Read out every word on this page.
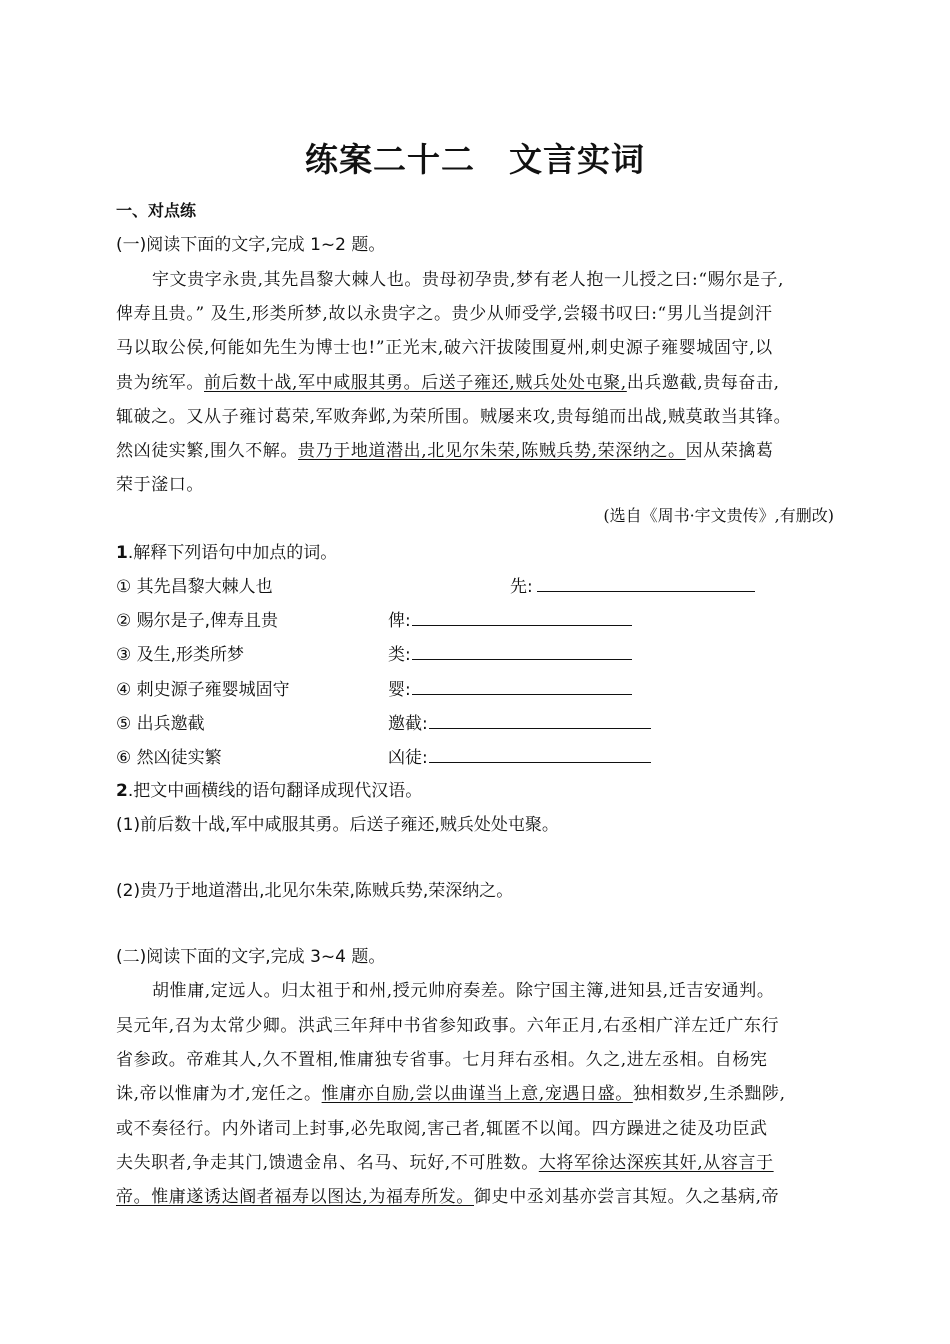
练案二十二　文言实词
一、对点练
(一)阅读下面的文字,完成 1~2 题。
宇文贵字永贵,其先昌黎大棘人也。贵母初孕贵,梦有老人抱一儿授之曰:“赐尔是子,
俾寿且贵。” 及生,形类所梦,故以永贵字之。贵少从师受学,尝辍书叹曰:“男儿当提剑汗
马以取公侯,何能如先生为博士也!”正光末,破六汗拔陵围夏州,刺史源子雍婴城固守,以
贵为统军。前后数十战,军中咸服其勇。后送子雍还,贼兵处处屯聚,出兵邀截,贵每奋击,
辄破之。又从子雍讨葛荣,军败奔邺,为荣所围。贼屡来攻,贵每缒而出战,贼莫敢当其锋。
然凶徒实繁,围久不解。贵乃于地道潜出,北见尔朱荣,陈贼兵势,荣深纳之。因从荣擒葛
荣于滏口。
(选自《周书·宇文贵传》,有删改)
1.解释下列语句中加点的词。
① 其先昌黎大棘人也	先:
② 赐尔是子,俾寿且贵	俾:
③ 及生,形类所梦	类:
④ 刺史源子雍婴城固守	婴:
⑤ 出兵邀截	邀截:
⑥ 然凶徒实繁	凶徒:
2.把文中画横线的语句翻译成现代汉语。
(1)前后数十战,军中咸服其勇。后送子雍还,贼兵处处屯聚。
(2)贵乃于地道潜出,北见尔朱荣,陈贼兵势,荣深纳之。
(二)阅读下面的文字,完成 3~4 题。
胡惟庸,定远人。归太祖于和州,授元帅府奏差。除宁国主簿,进知县,迁吉安通判。
吴元年,召为太常少卿。洪武三年拜中书省参知政事。六年正月,右丞相广洋左迁广东行
省参政。帝难其人,久不置相,惟庸独专省事。七月拜右丞相。久之,进左丞相。自杨宪
诛,帝以惟庸为才,宠任之。惟庸亦自励,尝以曲谨当上意,宠遇日盛。独相数岁,生杀黜陟,
或不奏径行。内外诸司上封事,必先取阅,害己者,辄匿不以闻。四方躁进之徒及功臣武
夫失职者,争走其门,馈遗金帛、名马、玩好,不可胜数。大将军徐达深疾其奸,从容言于
帝。惟庸遂诱达阍者福寿以图达,为福寿所发。御史中丞刘基亦尝言其短。久之基病,帝
